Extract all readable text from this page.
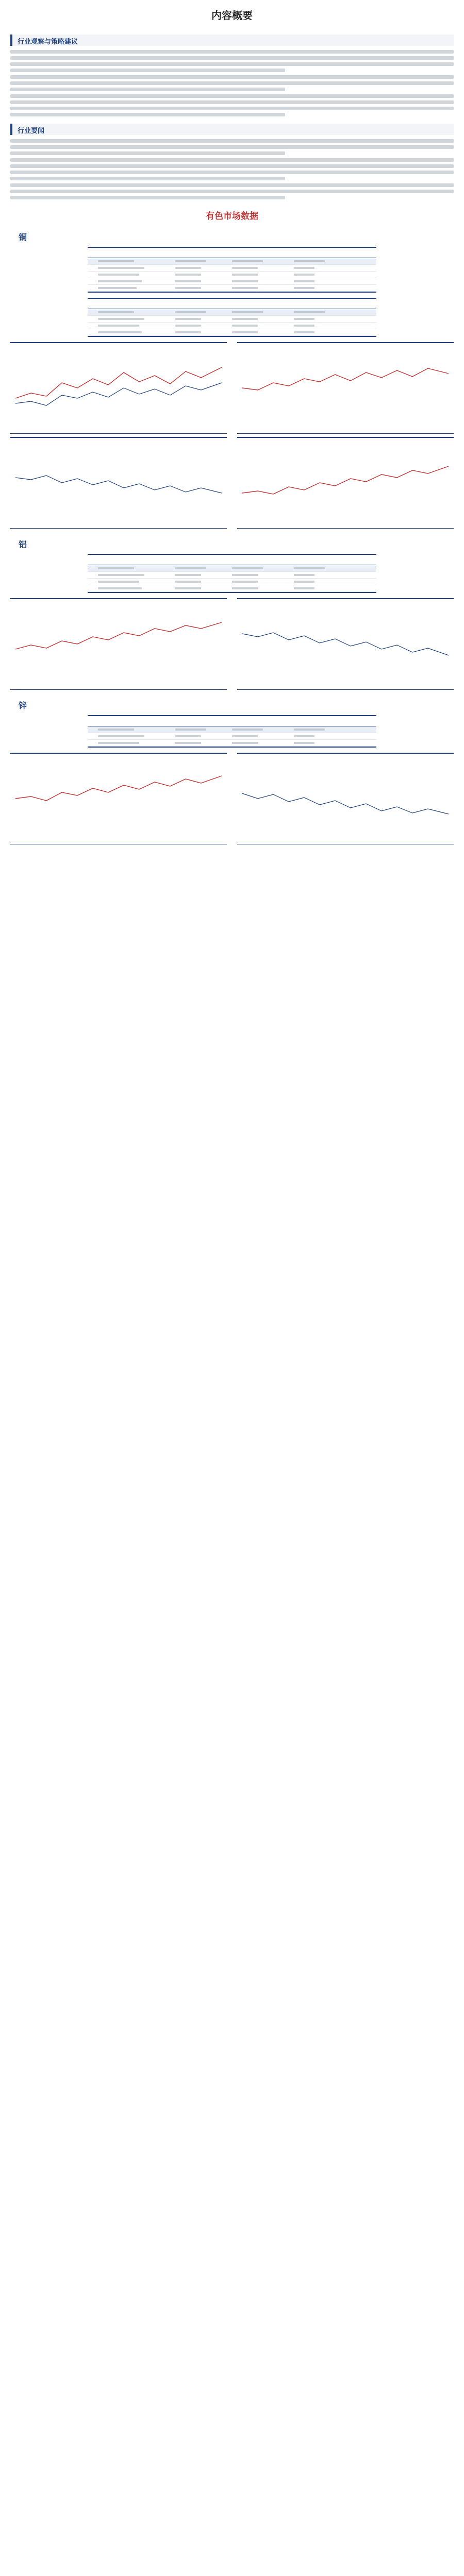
内容概要
行业观察与策略建议
行业要闻
有色市场数据
铜

铝

锌
